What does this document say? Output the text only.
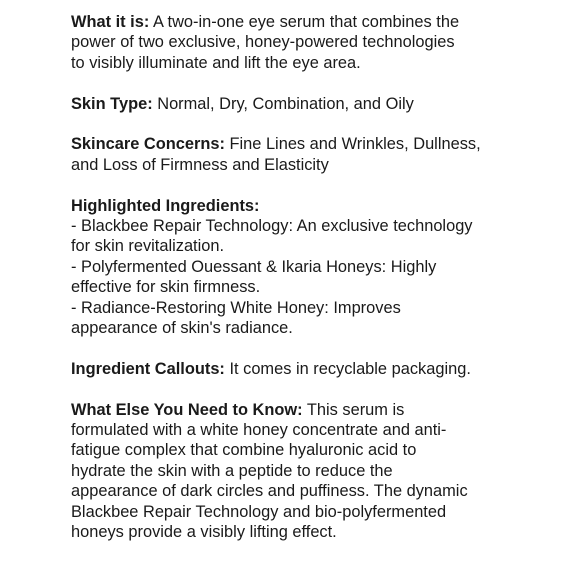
What it is: A two-in-one eye serum that combines the
power of two exclusive, honey-powered technologies
to visibly illuminate and lift the eye area.
Skin Type: Normal, Dry, Combination, and Oily
Skincare Concerns: Fine Lines and Wrinkles, Dullness,
and Loss of Firmness and Elasticity
Highlighted Ingredients:
- Blackbee Repair Technology: An exclusive technology
for skin revitalization.
- Polyfermented Ouessant & Ikaria Honeys: Highly
effective for skin firmness.
- Radiance-Restoring White Honey: Improves
appearance of skin's radiance.
Ingredient Callouts: It comes in recyclable packaging.
What Else You Need to Know: This serum is
formulated with a white honey concentrate and anti-
fatigue complex that combine hyaluronic acid to
hydrate the skin with a peptide to reduce the
appearance of dark circles and puffiness. The dynamic
Blackbee Repair Technology and bio-polyfermented
honeys provide a visibly lifting effect.
